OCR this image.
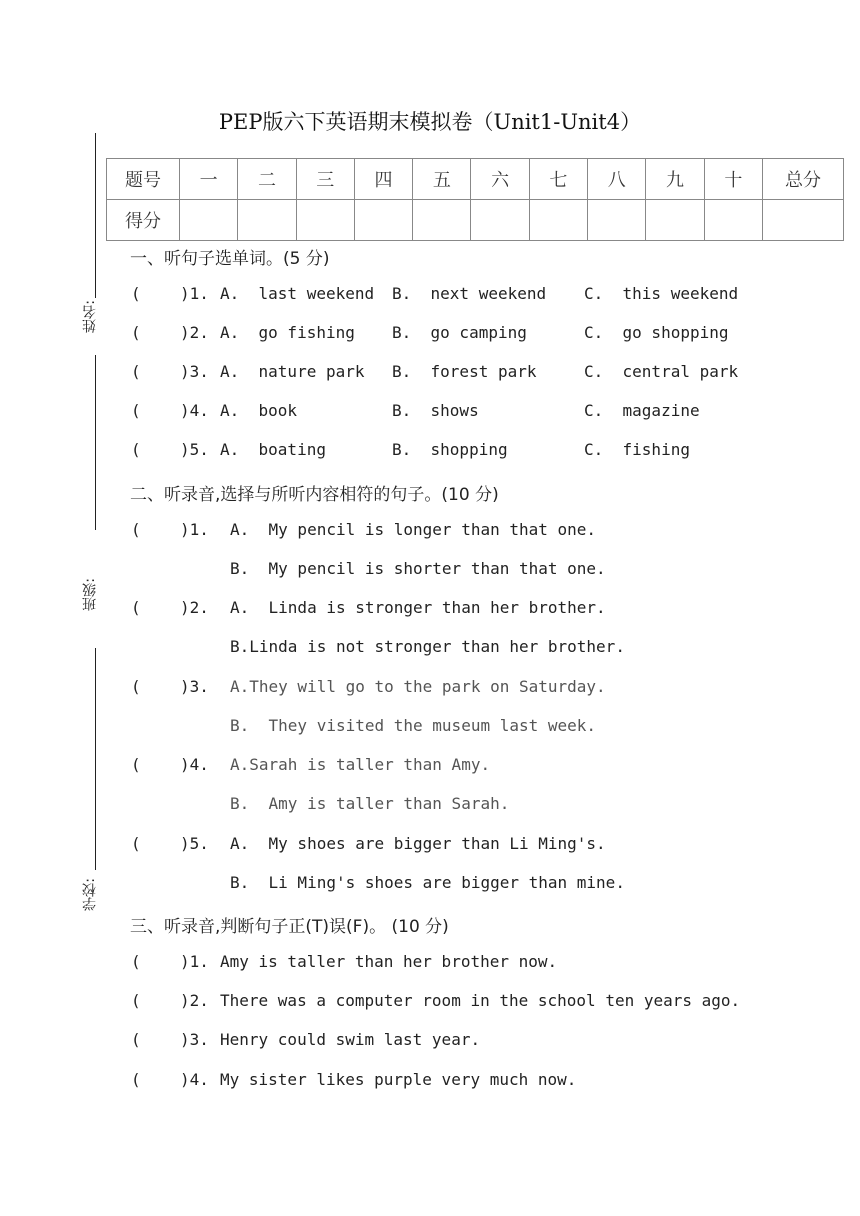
PEP版六下英语期末模拟卷（Unit1-Unit4）
姓名:
班级:
学校:
题号	一	二	三	四	五	六	七	八	九	十	总分
得分											
一、听句子选单词。(5 分)
( )1. A.  last weekend B.  next weekend C.  this weekend
( )2. A.  go fishing B.  go camping	C.  go shopping
( )3. A.  nature park B.  forest park	C.  central park
( )4. A.  book	B.  shows	C.  magazine
( )5. A.  boating	B.  shopping	C.  fishing
二、听录音,选择与所听内容相符的句子。(10 分)
( )1. A.  My pencil is longer than that one.
B.  My pencil is shorter than that one.
( )2. A.  Linda is stronger than her brother.
B.Linda is not stronger than her brother.
( )3. A.They will go to the park on Saturday.
B.  They visited the museum last week.
( )4. A.Sarah is taller than Amy.
B.  Amy is taller than Sarah.
( )5. A.  My shoes are bigger than Li Ming's.
B.  Li Ming's shoes are bigger than mine.
三、听录音,判断句子正(T)误(F)。 (10 分)
( )1. Amy is taller than her brother now.
( )2. There was a computer room in the school ten years ago.
( )3. Henry could swim last year.
( )4. My sister likes purple very much now.
